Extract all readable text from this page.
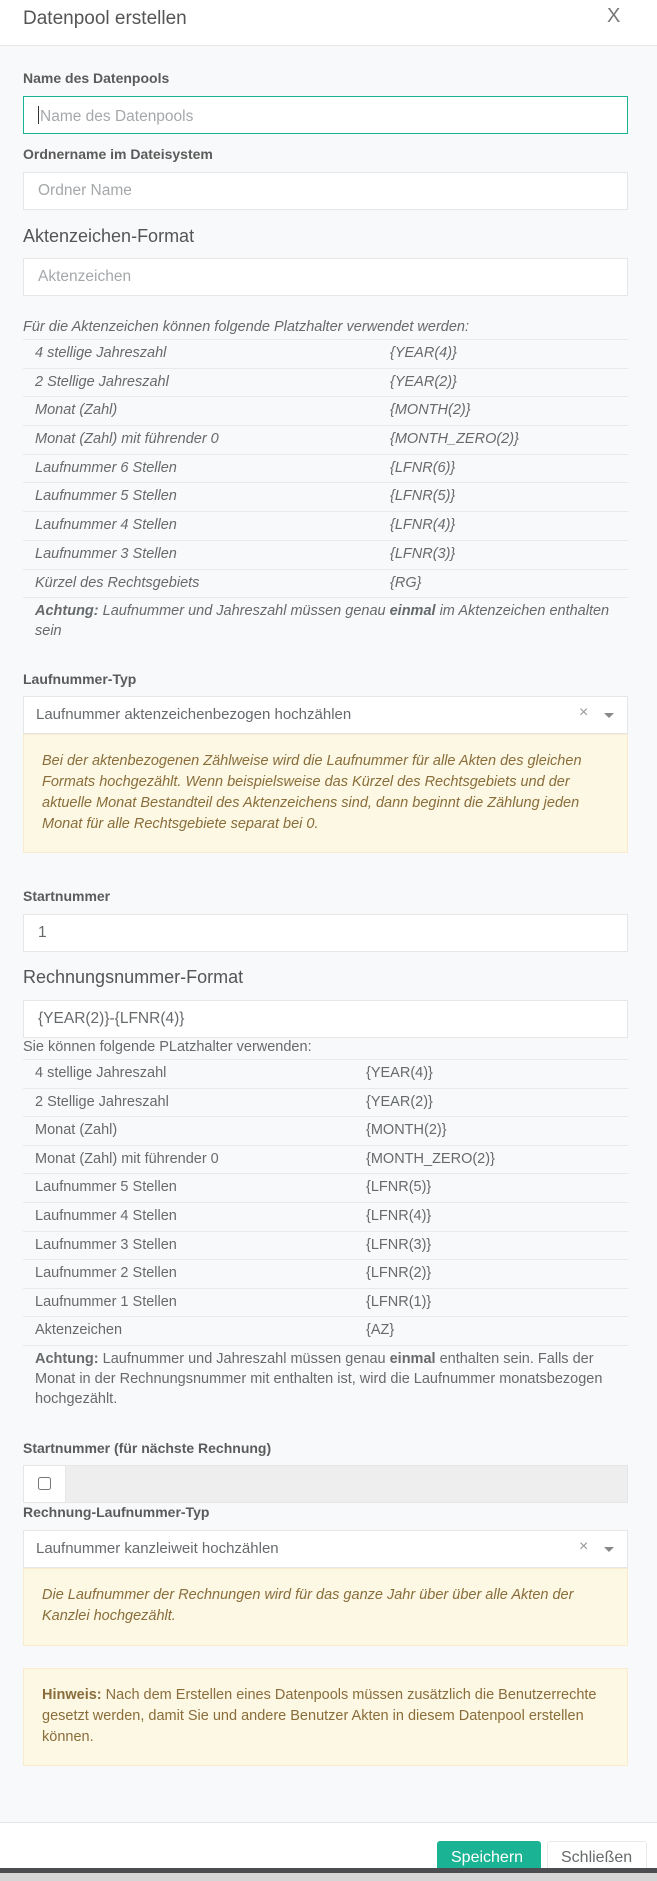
Datenpool erstellen	X
Name des Datenpools
Name des Datenpools
Ordnername im Dateisystem
Ordner Name
Aktenzeichen-Format
Aktenzeichen
Für die Aktenzeichen können folgende Platzhalter verwendet werden:
4 stellige Jahreszahl	{YEAR(4)}
2 Stellige Jahreszahl	{YEAR(2)}
Monat (Zahl)	{MONTH(2)}
Monat (Zahl) mit führender 0	{MONTH_ZERO(2)}
Laufnummer 6 Stellen	{LFNR(6)}
Laufnummer 5 Stellen	{LFNR(5)}
Laufnummer 4 Stellen	{LFNR(4)}
Laufnummer 3 Stellen	{LFNR(3)}
Kürzel des Rechtsgebiets	{RG}
Achtung: Laufnummer und Jahreszahl müssen genau einmal im Aktenzeichen enthalten sein
Laufnummer-Typ
Laufnummer aktenzeichenbezogen hochzählen	×
Bei der aktenbezogenen Zählweise wird die Laufnummer für alle Akten des gleichen Formats hochgezählt. Wenn beispielsweise das Kürzel des Rechtsgebiets und der aktuelle Monat Bestandteil des Aktenzeichens sind, dann beginnt die Zählung jeden Monat für alle Rechtsgebiete separat bei 0.
Startnummer
1
Rechnungsnummer-Format
{YEAR(2)}-{LFNR(4)}
Sie können folgende PLatzhalter verwenden:
4 stellige Jahreszahl	{YEAR(4)}
2 Stellige Jahreszahl	{YEAR(2)}
Monat (Zahl)	{MONTH(2)}
Monat (Zahl) mit führender 0	{MONTH_ZERO(2)}
Laufnummer 5 Stellen	{LFNR(5)}
Laufnummer 4 Stellen	{LFNR(4)}
Laufnummer 3 Stellen	{LFNR(3)}
Laufnummer 2 Stellen	{LFNR(2)}
Laufnummer 1 Stellen	{LFNR(1)}
Aktenzeichen	{AZ}
Achtung: Laufnummer und Jahreszahl müssen genau einmal enthalten sein. Falls der Monat in der Rechnungsnummer mit enthalten ist, wird die Laufnummer monatsbezogen hochgezählt.
Startnummer (für nächste Rechnung)
Rechnung-Laufnummer-Typ
Laufnummer kanzleiweit hochzählen	×
Die Laufnummer der Rechnungen wird für das ganze Jahr über über alle Akten der Kanzlei hochgezählt.
Hinweis: Nach dem Erstellen eines Datenpools müssen zusätzlich die Benutzerrechte gesetzt werden, damit Sie und andere Benutzer Akten in diesem Datenpool erstellen können.
Speichern	Schließen
